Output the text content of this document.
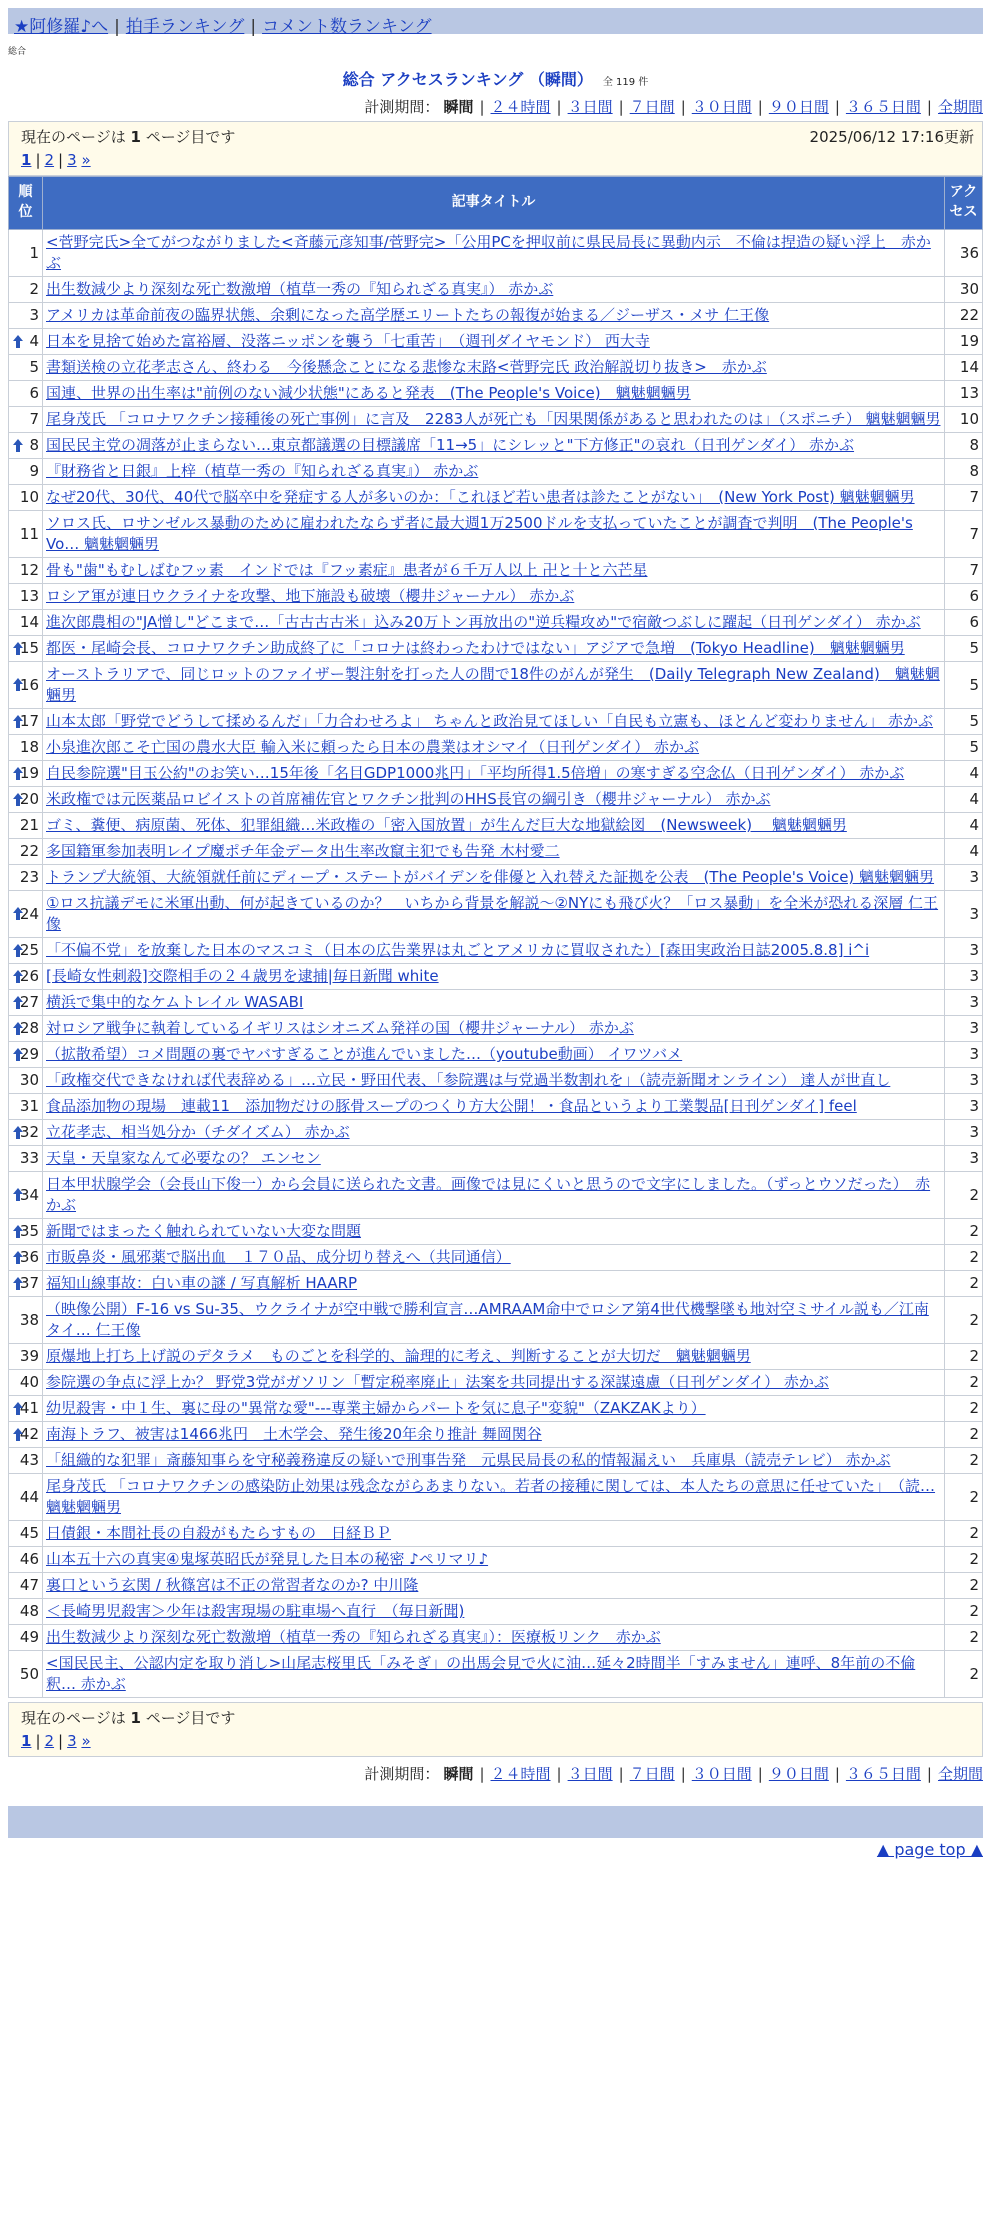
★阿修羅♪へ | 拍手ランキング | コメント数ランキング
総合
総合 アクセスランキング （瞬間） 全 119 件
計測期間： 瞬間 | ２４時間 | ３日間 | ７日間 | ３０日間 | ９０日間 | ３６５日間 | 全期間
現在のページは 1 ページ目です	2025/06/12 17:16更新
1 | 2 | 3 »
順位	記事タイトル	アクセス
1	<菅野完氏>全てがつながりました<斉藤元彦知事/菅野完>「公用PCを押収前に県民局長に異動内示　不倫は捏造の疑い浮上　赤かぶ	36
2	出生数減少より深刻な死亡数激増（植草一秀の『知られざる真実』） 赤かぶ	30
3	アメリカは革命前夜の臨界状態、余剰になった高学歴エリートたちの報復が始まる／ジーザス・メサ 仁王像	22

4	日本を見捨て始めた富裕層、没落ニッポンを襲う「七重苦」　（週刊ダイヤモンド） 西大寺	19
5	書類送検の立花孝志さん、終わる　今後懸念ことになる悲惨な末路<菅野完氏 政治解説切り抜き>　赤かぶ	14
6	国連、世界の出生率は"前例のない減少状態"にあると発表　(The People's Voice)　魑魅魍魎男	13
7	尾身茂氏 「コロナワクチン接種後の死亡事例」に言及　2283人が死亡も「因果関係があると思われたのは」（スポニチ） 魑魅魍魎男	10

8	国民民主党の凋落が止まらない…東京都議選の目標議席「11→5」にシレッと"下方修正"の哀れ（日刊ゲンダイ） 赤かぶ	8
9	『財務省と日銀』上梓（植草一秀の『知られざる真実』） 赤かぶ	8
10	なぜ20代、30代、40代で脳卒中を発症する人が多いのか：「これほど若い患者は診たことがない」　(New York Post) 魑魅魍魎男	7
11	ソロス氏、ロサンゼルス暴動のために雇われたならず者に最大週1万2500ドルを支払っていたことが調査で判明　(The People's Vo… 魑魅魍魎男	7
12	骨も"歯"もむしばむフッ素　インドでは『フッ素症』患者が６千万人以上 卍と十と六芒星	7
13	ロシア軍が連日ウクライナを攻撃、地下施設も破壊（櫻井ジャーナル） 赤かぶ	6
14	進次郎農相の"JA憎し"どこまで…「古古古古米」込み20万トン再放出の"逆兵糧攻め"で宿敵つぶしに躍起（日刊ゲンダイ） 赤かぶ	6

15	都医・尾崎会長、コロナワクチン助成終了に「コロナは終わったわけではない」アジアで急増　(Tokyo Headline)　魑魅魍魎男	5

16	オーストラリアで、同じロットのファイザー製注射を打った人の間で18件のがんが発生　(Daily Telegraph New Zealand)　魑魅魍魎男	5

17	山本太郎「野党でどうして揉めるんだ」「力合わせろよ」 ちゃんと政治見てほしい「自民も立憲も、ほとんど変わりません」 赤かぶ	5
18	小泉進次郎こそ亡国の農水大臣 輸入米に頼ったら日本の農業はオシマイ（日刊ゲンダイ） 赤かぶ	5

19	自民参院選"目玉公約"のお笑い…15年後「名目GDP1000兆円」「平均所得1.5倍増」の寒すぎる空念仏（日刊ゲンダイ） 赤かぶ	4

20	米政権では元医薬品ロビイストの首席補佐官とワクチン批判のHHS長官の綱引き（櫻井ジャーナル） 赤かぶ	4
21	ゴミ、糞便、病原菌、死体、犯罪組織…米政権の「密入国放置」が生んだ巨大な地獄絵図　(Newsweek)　 魑魅魍魎男	4
22	多国籍軍参加表明レイプ魔ポチ年金データ出生率改竄主犯でも告発 木村愛二	4
23	トランプ大統領、大統領就任前にディープ・ステートがバイデンを俳優と入れ替えた証拠を公表　(The People's Voice) 魑魅魍魎男	3

24	①ロス抗議デモに米軍出動、何が起きているのか？　いちから背景を解説～②NYにも飛び火？「ロス暴動」を全米が恐れる深層 仁王像	3

25	「不偏不党」を放棄した日本のマスコミ（日本の広告業界は丸ごとアメリカに買収された）[森田実政治日誌2005.8.8] i^i	3

26	[長崎女性刺殺]交際相手の２４歳男を逮捕|毎日新聞 white	3

27	横浜で集中的なケムトレイル WASABI	3

28	対ロシア戦争に執着しているイギリスはシオニズム発祥の国（櫻井ジャーナル） 赤かぶ	3

29	（拡散希望）コメ問題の裏でヤバすぎることが進んでいました…（youtube動画） イワツバメ	3
30	「政権交代できなければ代表辞める」…立民・野田代表、「参院選は与党過半数割れを」（読売新聞オンライン） 達人が世直し	3
31	食品添加物の現場　連載11　添加物だけの豚骨スープのつくり方大公開！・食品というより工業製品[日刊ゲンダイ] feel	3

32	立花孝志、相当処分か（チダイズム） 赤かぶ	3
33	天皇・天皇家なんて必要なの？ エンセン	3

34	日本甲状腺学会（会長山下俊一）から会員に送られた文書。画像では見にくいと思うので文字にしました。（ずっとウソだった）　赤かぶ	2

35	新聞ではまったく触れられていない大変な問題	2

36	市販鼻炎・風邪薬で脳出血　１７０品、成分切り替えへ（共同通信）	2

37	福知山線事故：白い車の謎 / 写真解析 HAARP	2
38	（映像公開）F-16 vs Su-35、ウクライナが空中戦で勝利宣言…AMRAAM命中でロシア第4世代機撃墜も地対空ミサイル説も／江南タイ… 仁王像	2
39	原爆地上打ち上げ説のデタラメ　ものごとを科学的、論理的に考え、判断することが大切だ　魑魅魍魎男	2
40	参院選の争点に浮上か？ 野党3党がガソリン「暫定税率廃止」法案を共同提出する深謀遠慮（日刊ゲンダイ） 赤かぶ	2

41	幼児殺害・中１生、裏に母の"異常な愛"---専業主婦からパートを気に息子"変貌"（ZAKZAKより）	2

42	南海トラフ、被害は1466兆円　土木学会、発生後20年余り推計 舞岡関谷	2
43	「組織的な犯罪」斎藤知事らを守秘義務違反の疑いで刑事告発　元県民局長の私的情報漏えい　兵庫県（読売テレビ） 赤かぶ	2
44	尾身茂氏 「コロナワクチンの感染防止効果は残念ながらあまりない。若者の接種に関しては、本人たちの意思に任せていた」　（読… 魑魅魍魎男	2
45	日債銀・本間社長の自殺がもたらすもの　日経ＢＰ	2
46	山本五十六の真実④鬼塚英昭氏が発見した日本の秘密 ♪ペリマリ♪	2
47	裏口という玄関 / 秋篠宮は不正の常習者なのか? 中川隆	2
48	＜長崎男児殺害＞少年は殺害現場の駐車場へ直行　（毎日新聞)	2
49	出生数減少より深刻な死亡数激増（植草一秀の『知られざる真実』）：医療板リンク　赤かぶ	2
50	<国民民主、公認内定を取り消し>山尾志桜里氏「みそぎ」の出馬会見で火に油…延々2時間半「すみません」連呼、8年前の不倫釈… 赤かぶ	2
現在のページは 1 ページ目です
1 | 2 | 3 »
計測期間： 瞬間 | ２４時間 | ３日間 | ７日間 | ３０日間 | ９０日間 | ３６５日間 | 全期間
▲ page top ▲
